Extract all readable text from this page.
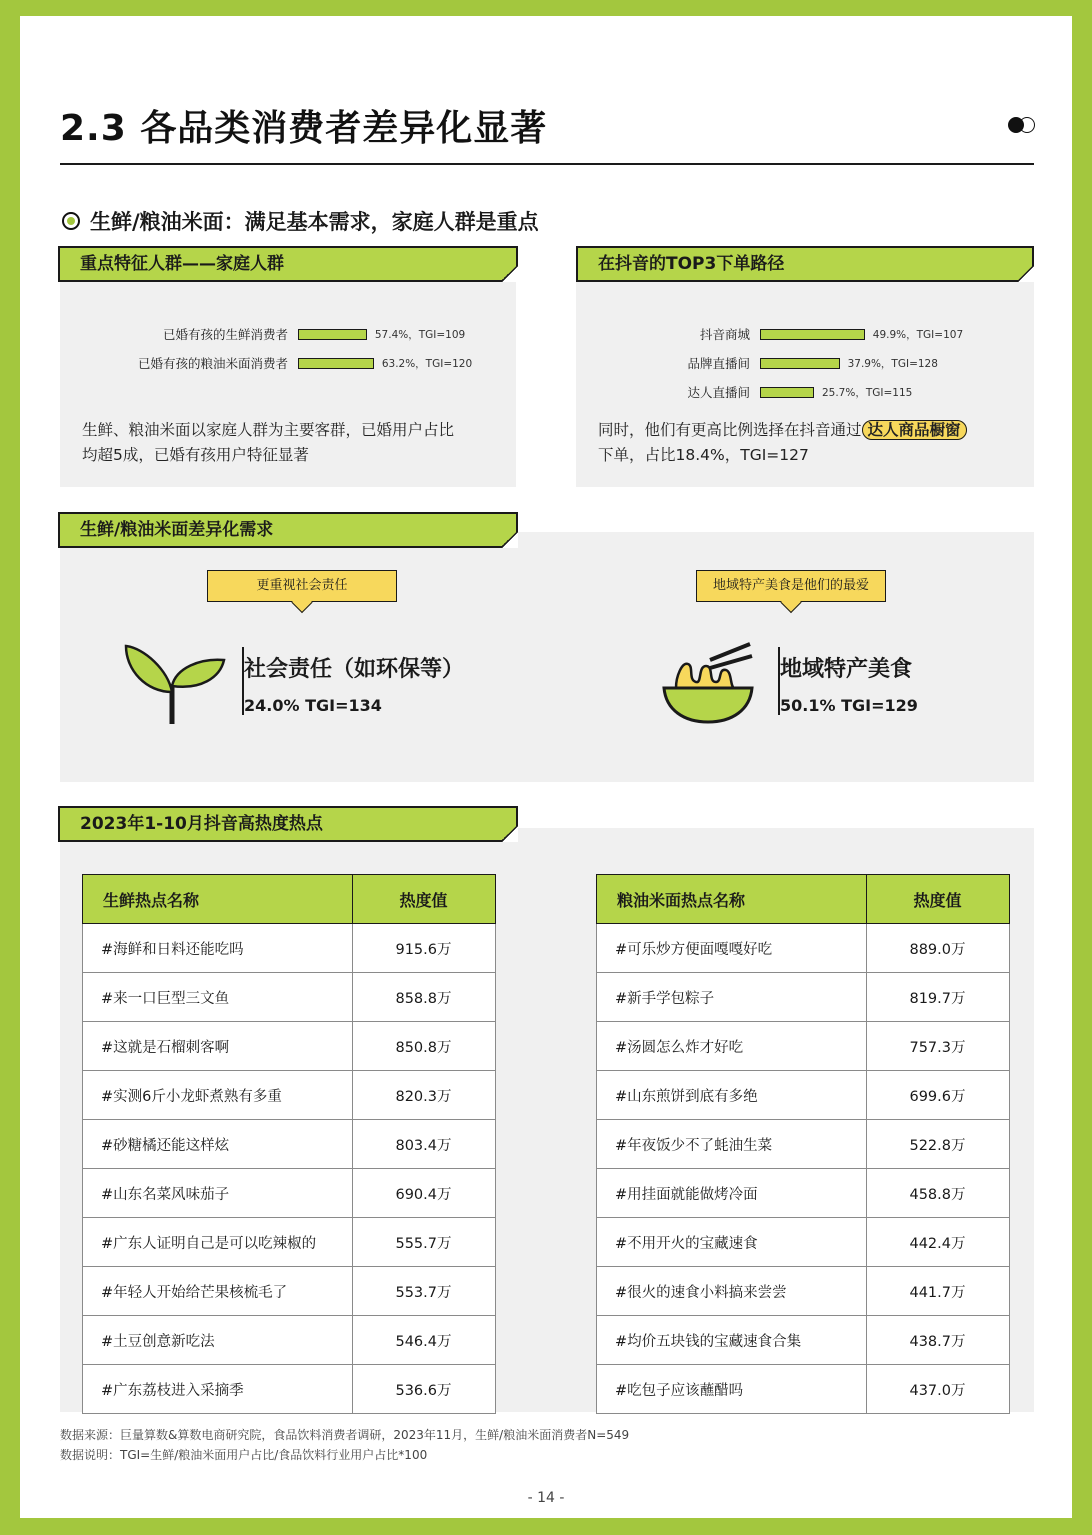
2.3 各品类消费者差异化显著
生鲜/粮油米面：满足基本需求，家庭人群是重点
重点特征人群——家庭人群
已婚有孩的生鲜消费者	57.4%，TGI=109
已婚有孩的粮油米面消费者	63.2%，TGI=120
生鲜、粮油米面以家庭人群为主要客群，已婚用户占比
均超5成，已婚有孩用户特征显著
在抖音的TOP3下单路径
抖音商城	49.9%，TGI=107
品牌直播间	37.9%，TGI=128
达人直播间	25.7%，TGI=115
同时，他们有更高比例选择在抖音通过 达人商品橱窗
下单，占比18.4%，TGI=127
生鲜/粮油米面差异化需求
更重视社会责任
社会责任（如环保等）
24.0% TGI=134
地域特产美食是他们的最爱
地域特产美食
50.1% TGI=129
2023年1-10月抖音高热度热点
生鲜热点名称	热度值
#海鲜和日料还能吃吗	915.6万
#来一口巨型三文鱼	858.8万
#这就是石榴刺客啊	850.8万
#实测6斤小龙虾煮熟有多重	820.3万
#砂糖橘还能这样炫	803.4万
#山东名菜风味茄子	690.4万
#广东人证明自己是可以吃辣椒的	555.7万
#年轻人开始给芒果核梳毛了	553.7万
#土豆创意新吃法	546.4万
#广东荔枝进入采摘季	536.6万
粮油米面热点名称	热度值
#可乐炒方便面嘎嘎好吃	889.0万
#新手学包粽子	819.7万
#汤圆怎么炸才好吃	757.3万
#山东煎饼到底有多绝	699.6万
#年夜饭少不了蚝油生菜	522.8万
#用挂面就能做烤冷面	458.8万
#不用开火的宝藏速食	442.4万
#很火的速食小料搞来尝尝	441.7万
#均价五块钱的宝藏速食合集	438.7万
#吃包子应该蘸醋吗	437.0万
数据来源：巨量算数&算数电商研究院，食品饮料消费者调研，2023年11月，生鲜/粮油米面消费者N=549
数据说明：TGI=生鲜/粮油米面用户占比/食品饮料行业用户占比*100
- 14 -
